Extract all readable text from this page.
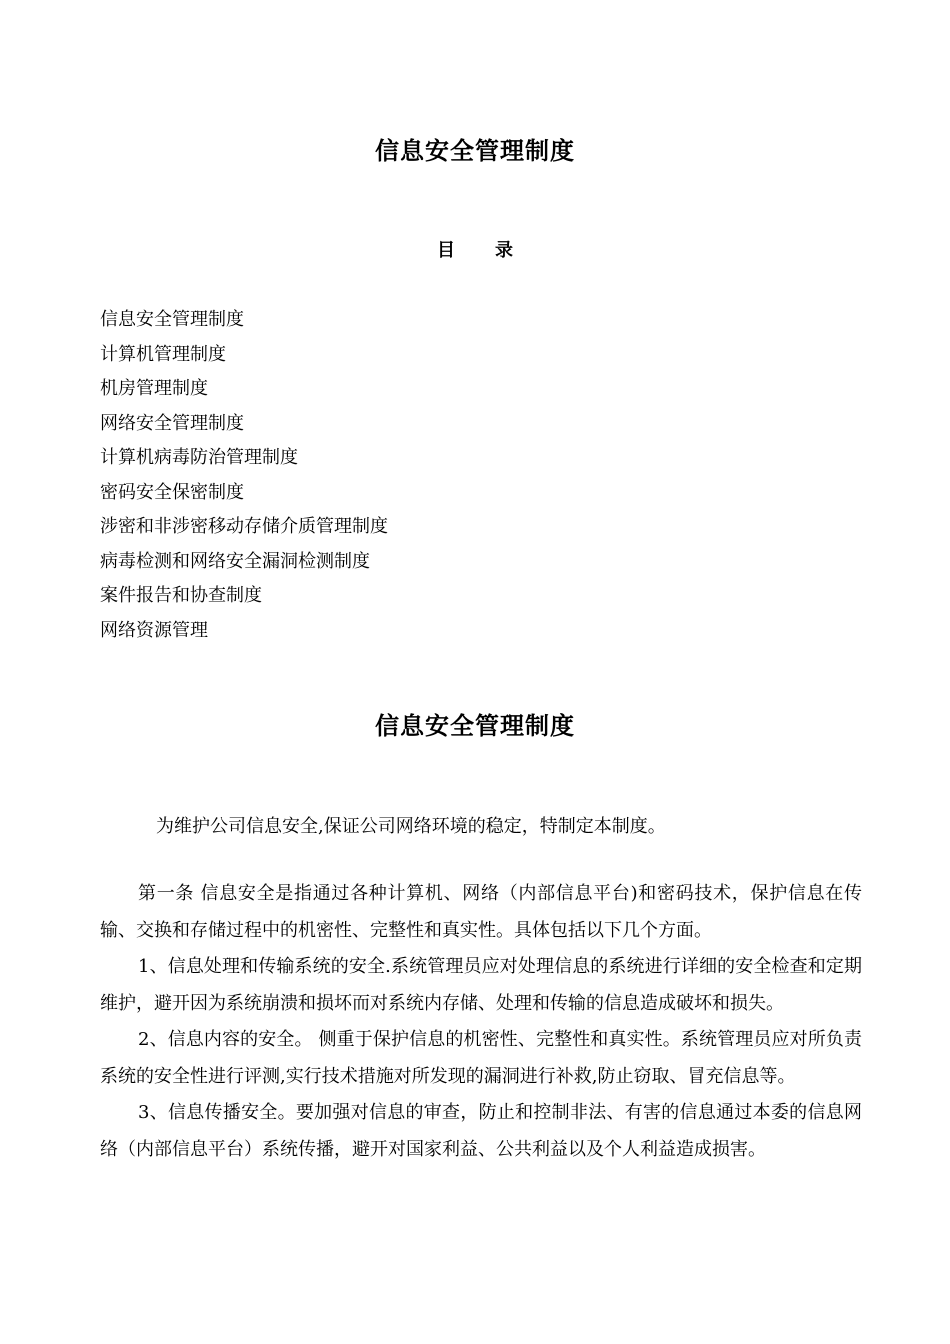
信息安全管理制度
目 录
信息安全管理制度
计算机管理制度
机房管理制度
网络安全管理制度
计算机病毒防治管理制度
密码安全保密制度
涉密和非涉密移动存储介质管理制度
病毒检测和网络安全漏洞检测制度
案件报告和协查制度
网络资源管理
信息安全管理制度

为维护公司信息安全,保证公司网络环境的稳定，特制定本制度。

第一条 信息安全是指通过各种计算机、网络（内部信息平台)和密码技术，保护信息在传输、交换和存储过程中的机密性、完整性和真实性。具体包括以下几个方面。

1、信息处理和传输系统的安全.系统管理员应对处理信息的系统进行详细的安全检查和定期维护，避开因为系统崩溃和损坏而对系统内存储、处理和传输的信息造成破坏和损失。

2、信息内容的安全。 侧重于保护信息的机密性、完整性和真实性。系统管理员应对所负责系统的安全性进行评测,实行技术措施对所发现的漏洞进行补救,防止窃取、冒充信息等。

3、信息传播安全。要加强对信息的审查，防止和控制非法、有害的信息通过本委的信息网络（内部信息平台）系统传播，避开对国家利益、公共利益以及个人利益造成损害。
